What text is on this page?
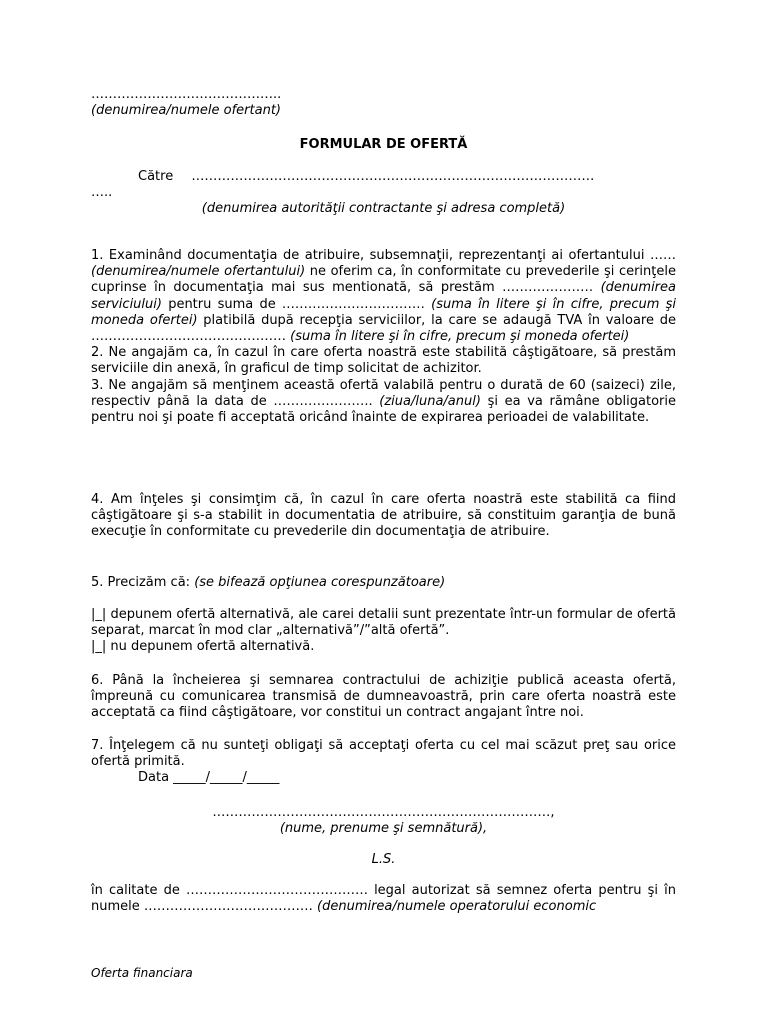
……………………………………..
(denumirea/numele ofertant)
FORMULAR DE OFERTĂ
Către …………………………………………………………………………………
…..
(denumirea autorităţii contractante şi adresa completă)

1. Examinând documentaţia de atribuire, subsemnaţii, reprezentanţi ai ofertantului …… (denumirea/numele ofertantului) ne oferim ca, în conformitate cu prevederile şi cerinţele cuprinse în documentaţia mai sus mentionată, să prestăm ………………… (denumirea serviciului) pentru suma de …………………………… (suma în litere şi în cifre, precum şi moneda ofertei) platibilă după recepţia serviciilor, la care se adaugă TVA în valoare de ……………………………………… (suma în litere şi în cifre, precum şi moneda ofertei)

2. Ne angajăm ca, în cazul în care oferta noastră este stabilită câştigătoare, să prestăm serviciile din anexă, în graficul de timp solicitat de achizitor.

3. Ne angajăm să menţinem această ofertă valabilă pentru o durată de 60 (saizeci) zile, respectiv până la data de ………………….. (ziua/luna/anul) şi ea va rămâne obligatorie pentru noi şi poate fi acceptată oricând înainte de expirarea perioadei de valabilitate.

4. Am înţeles şi consimţim că, în cazul în care oferta noastră este stabilită ca fiind câştigătoare şi s-a stabilit in documentatia de atribuire, să constituim garanţia de bună execuţie în conformitate cu prevederile din documentaţia de atribuire.
5. Precizăm că: (se bifează opţiunea corespunzătoare)

|_| depunem ofertă alternativă, ale carei detalii sunt prezentate într-un formular de ofertă separat, marcat în mod clar „alternativă”/”altă ofertă”.

|_| nu depunem ofertă alternativă.

6. Până la încheierea şi semnarea contractului de achiziţie publică aceasta ofertă, împreună cu comunicarea transmisă de dumneavoastră, prin care oferta noastră este acceptată ca fiind câştigătoare, vor constitui un contract angajant între noi.
7. Înţelegem că nu sunteţi obligaţi să acceptaţi oferta cu cel mai scăzut preţ sau orice ofertă primită.
Data _____/_____/_____
……………………………………………………………………,
(nume, prenume şi semnătură),
L.S.
în calitate de …………………………………… legal autorizat să semnez oferta pentru şi în numele ………………………………… (denumirea/numele operatorului economic
Oferta financiara
